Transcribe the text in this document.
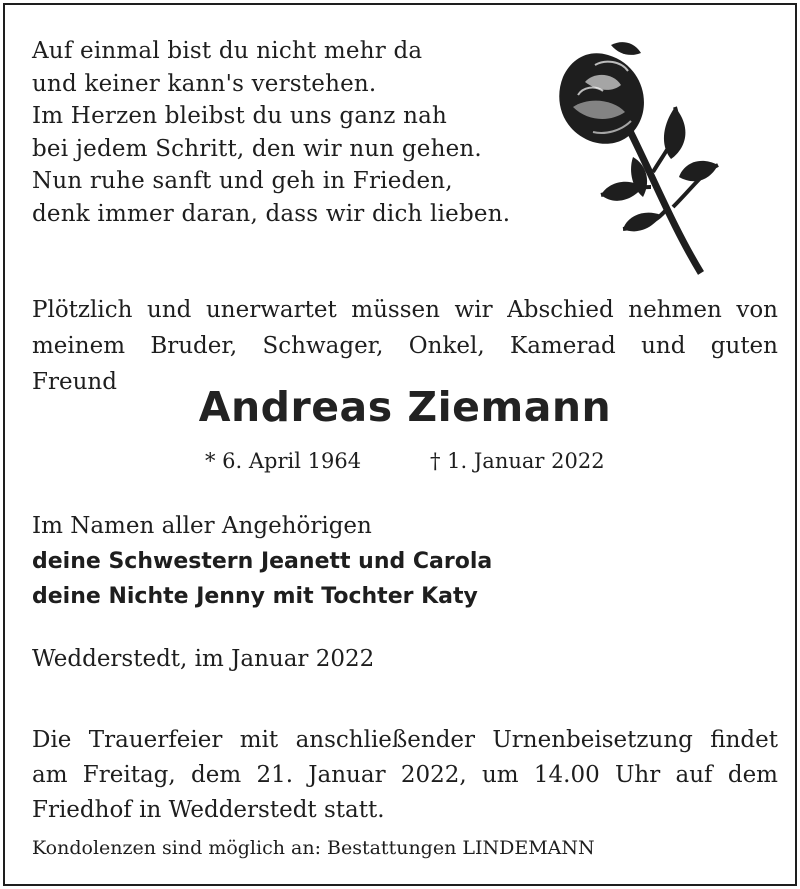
Auf einmal bist du nicht mehr da
und keiner kann's verstehen.
Im Herzen bleibst du uns ganz nah
bei jedem Schritt, den wir nun gehen.
Nun ruhe sanft und geh in Frieden,
denk immer daran, dass wir dich lieben.
Plötzlich und unerwartet müssen wir Abschied nehmen von
meinem Bruder, Schwager, Onkel, Kamerad und guten
Freund
Andreas Ziemann
* 6. April 1964	† 1. Januar 2022
Im Namen aller Angehörigen
deine Schwestern Jeanett und Carola
deine Nichte Jenny mit Tochter Katy
Wedderstedt, im Januar 2022
Die Trauerfeier mit anschließender Urnenbeisetzung findet
am Freitag, dem 21. Januar 2022, um 14.00 Uhr auf dem
Friedhof in Wedderstedt statt.
Kondolenzen sind möglich an: Bestattungen LINDEMANN
